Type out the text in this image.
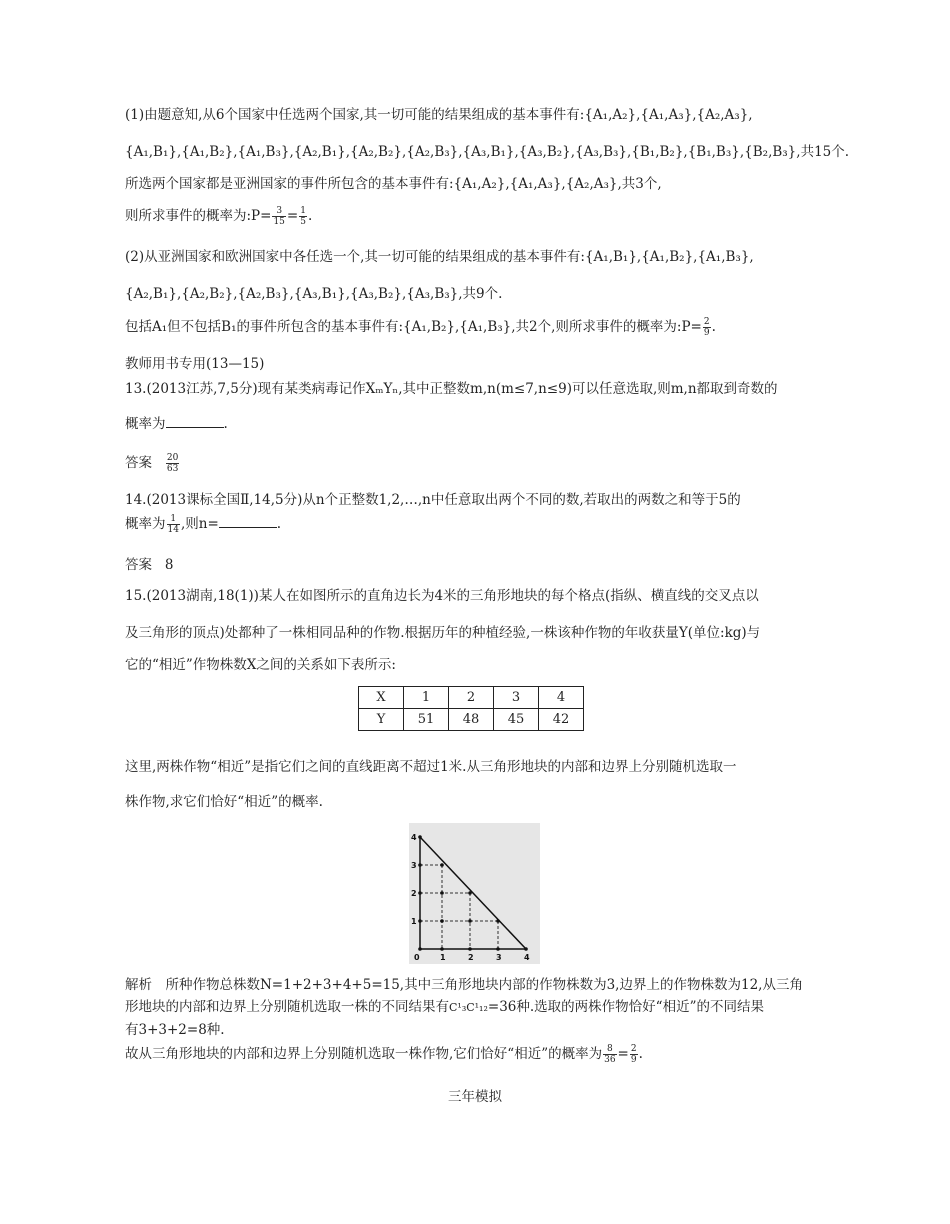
(1)由题意知,从6个国家中任选两个国家,其一切可能的结果组成的基本事件有:{A₁,A₂},{A₁,A₃},{A₂,A₃},
{A₁,B₁},{A₁,B₂},{A₁,B₃},{A₂,B₁},{A₂,B₂},{A₂,B₃},{A₃,B₁},{A₃,B₂},{A₃,B₃},{B₁,B₂},{B₁,B₃},{B₂,B₃},共15个.
所选两个国家都是亚洲国家的事件所包含的基本事件有:{A₁,A₂},{A₁,A₃},{A₂,A₃},共3个,
则所求事件的概率为:P= $\frac{3}{15} = \frac{1}{5}$ .
(2)从亚洲国家和欧洲国家中各任选一个,其一切可能的结果组成的基本事件有:{A₁,B₁},{A₁,B₂},{A₁,B₃},
{A₂,B₁},{A₂,B₂},{A₂,B₃},{A₃,B₁},{A₃,B₂},{A₃,B₃},共9个.
包括A₁但不包括B₁的事件所包含的基本事件有:{A₁,B₂},{A₁,B₃},共2个,则所求事件的概率为:P= $\frac{2}{9}$ .
教师用书专用(13—15)
13.(2013江苏,7,5分)现有某类病毒记作XₘYₙ,其中正整数m,n(m≤7,n≤9)可以任意选取,则m,n都取到奇数的
概率为	.
答案 $\frac{20}{63}$
14.(2013课标全国Ⅱ,14,5分)从n个正整数1,2,…,n中任意取出两个不同的数,若取出的两数之和等于5的
概率为 $\frac{1}{14}$ ,则n=	.
答案 8
15.(2013湖南,18(1))某人在如图所示的直角边长为4米的三角形地块的每个格点(指纵、横直线的交叉点以
及三角形的顶点)处都种了一株相同品种的作物.根据历年的种植经验,一株该种作物的年收获量Y(单位:kg)与
它的“相近”作物株数X之间的关系如下表所示:
X	1	2	3	4
Y	51	48	45	42
这里,两株作物“相近”是指它们之间的直线距离不超过1米.从三角形地块的内部和边界上分别随机选取一
株作物,求它们恰好“相近”的概率.
0	1	2	3	4
1
2
3
4
解析　所种作物总株数N=1+2+3+4+5=15,其中三角形地块内部的作物株数为3,边界上的作物株数为12,从三角
形地块的内部和边界上分别随机选取一株的不同结果有C¹₃C¹₁₂=36种.选取的两株作物恰好“相近”的不同结果
有3+3+2=8种.
故从三角形地块的内部和边界上分别随机选取一株作物,它们恰好“相近”的概率为 $\frac{8}{36} = \frac{2}{9}$ .
三年模拟
